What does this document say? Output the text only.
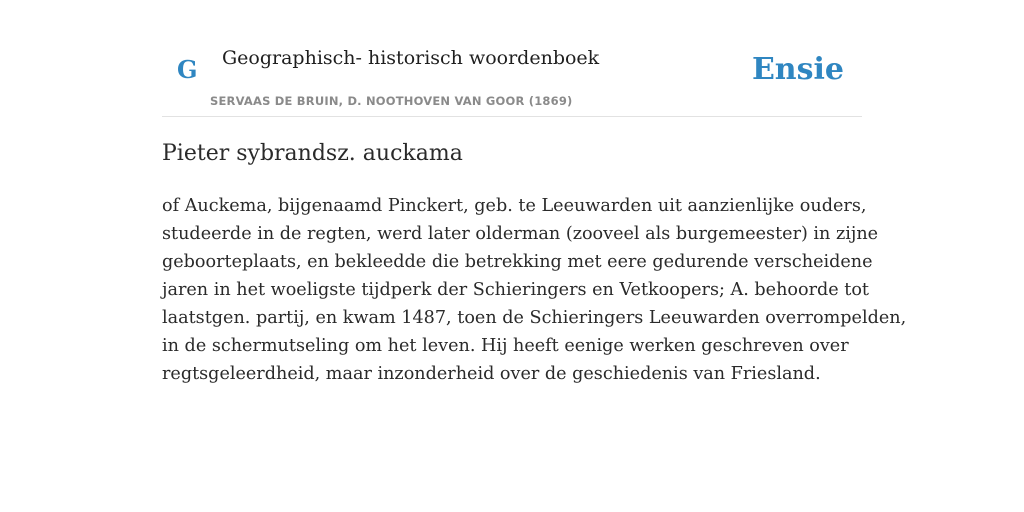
G Geographisch- historisch woordenboek
SERVAAS DE BRUIN, D. NOOTHOVEN VAN GOOR (1869)
Ensie
Pieter sybrandsz. auckama

of Auckema, bijgenaamd Pinckert, geb. te Leeuwarden uit aanzienlijke ouders,
studeerde in de regten, werd later olderman (zooveel als burgemeester) in zijne
geboorteplaats, en bekleedde die betrekking met eere gedurende verscheidene
jaren in het woeligste tijdperk der Schieringers en Vetkoopers; A. behoorde tot
laatstgen. partij, en kwam 1487, toen de Schieringers Leeuwarden overrompelden,
in de schermutseling om het leven. Hij heeft eenige werken geschreven over
regtsgeleerdheid, maar inzonderheid over de geschiedenis van Friesland.
